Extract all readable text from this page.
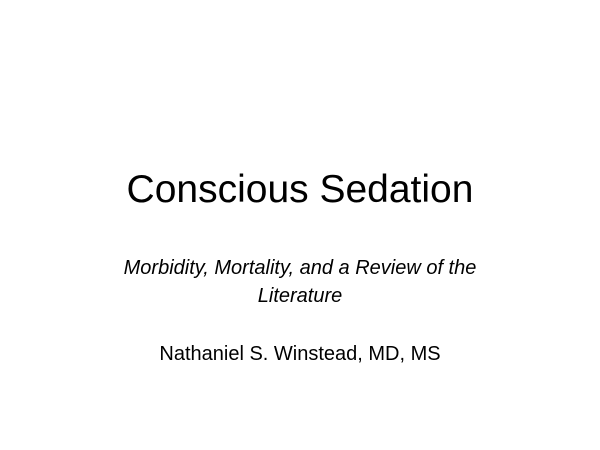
Conscious Sedation

Morbidity, Mortality, and a Review of the Literature

Nathaniel S. Winstead, MD, MS
